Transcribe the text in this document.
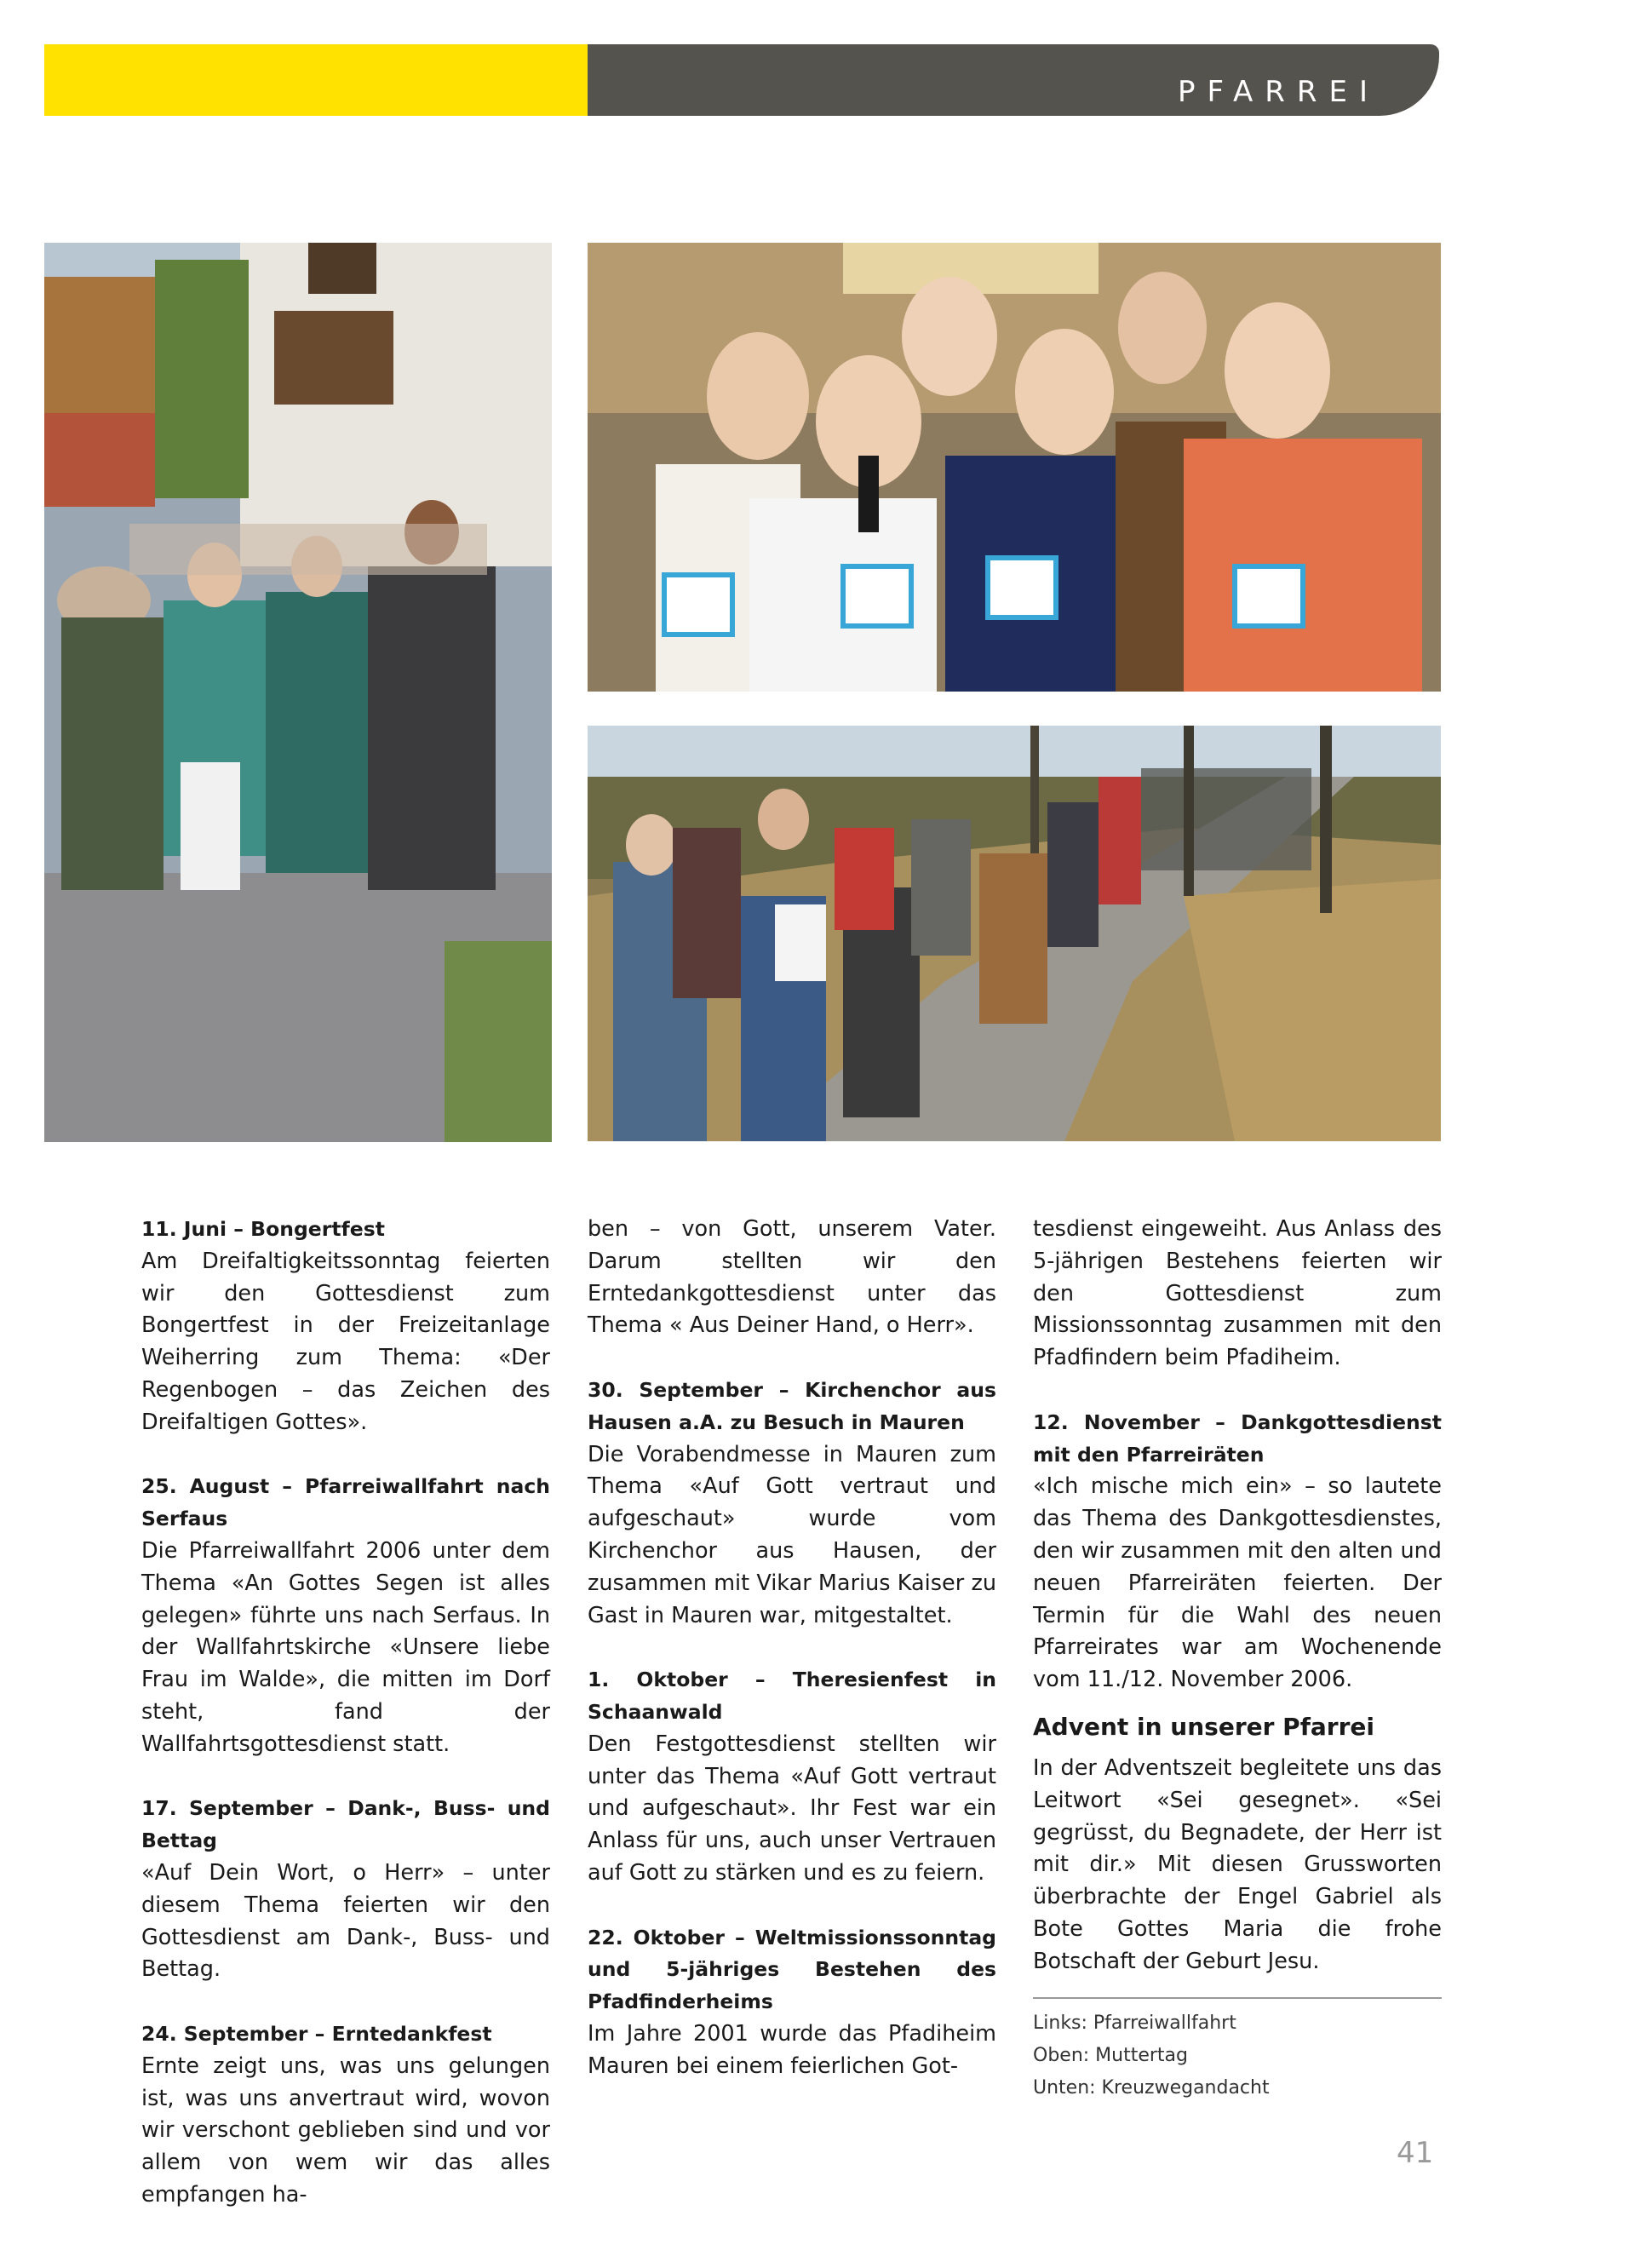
PFARREI

11. Juni – Bongertfest

Am Dreifaltigkeitssonntag feierten wir den Gottesdienst zum Bongertfest in der Freizeitanlage Weiherring zum Thema: «Der Regenbogen – das Zeichen des Dreifaltigen Gottes».

25. August – Pfarreiwallfahrt nach Serfaus

Die Pfarreiwallfahrt 2006 unter dem Thema «An Gottes Segen ist alles gelegen» führte uns nach Serfaus. In der Wallfahrtskirche «Unsere liebe Frau im Walde», die mitten im Dorf steht, fand der Wallfahrtsgottesdienst statt.

17. September – Dank-, Buss- und Bettag

«Auf Dein Wort, o Herr» – unter diesem Thema feierten wir den Gottesdienst am Dank-, Buss- und Bettag.

24. September – Erntedankfest

Ernte zeigt uns, was uns gelungen ist, was uns anvertraut wird, wovon wir verschont geblieben sind und vor allem von wem wir das alles empfangen ha-

ben – von Gott, unserem Vater. Darum stellten wir den Erntedankgottesdienst unter das Thema « Aus Deiner Hand, o Herr».

30. September – Kirchenchor aus Hausen a.A. zu Besuch in Mauren

Die Vorabendmesse in Mauren zum Thema «Auf Gott vertraut und aufgeschaut» wurde vom Kirchenchor aus Hausen, der zusammen mit Vikar Marius Kaiser zu Gast in Mauren war, mitgestaltet.

1. Oktober – Theresienfest in Schaanwald

Den Festgottesdienst stellten wir unter das Thema «Auf Gott vertraut und aufgeschaut». Ihr Fest war ein Anlass für uns, auch unser Vertrauen auf Gott zu stärken und es zu feiern.

22. Oktober – Weltmissionssonntag und 5-jähriges Bestehen des Pfadfinderheims

Im Jahre 2001 wurde das Pfadiheim Mauren bei einem feierlichen Got-

tesdienst eingeweiht. Aus Anlass des 5-jährigen Bestehens feierten wir den Gottesdienst zum Missionssonntag zusammen mit den Pfadfindern beim Pfadiheim.

12. November – Dankgottesdienst mit den Pfarreiräten

«Ich mische mich ein» – so lautete das Thema des Dankgottesdienstes, den wir zusammen mit den alten und neuen Pfarreiräten feierten. Der Termin für die Wahl des neuen Pfarreirates war am Wochenende vom 11./12. November 2006.

Advent in unserer Pfarrei

In der Adventszeit begleitete uns das Leitwort «Sei gesegnet». «Sei gegrüsst, du Begnadete, der Herr ist mit dir.» Mit diesen Grussworten überbrachte der Engel Gabriel als Bote Gottes Maria die frohe Botschaft der Geburt Jesu.

Links: Pfarreiwallfahrt
Oben: Muttertag
Unten: Kreuzwegandacht
41
